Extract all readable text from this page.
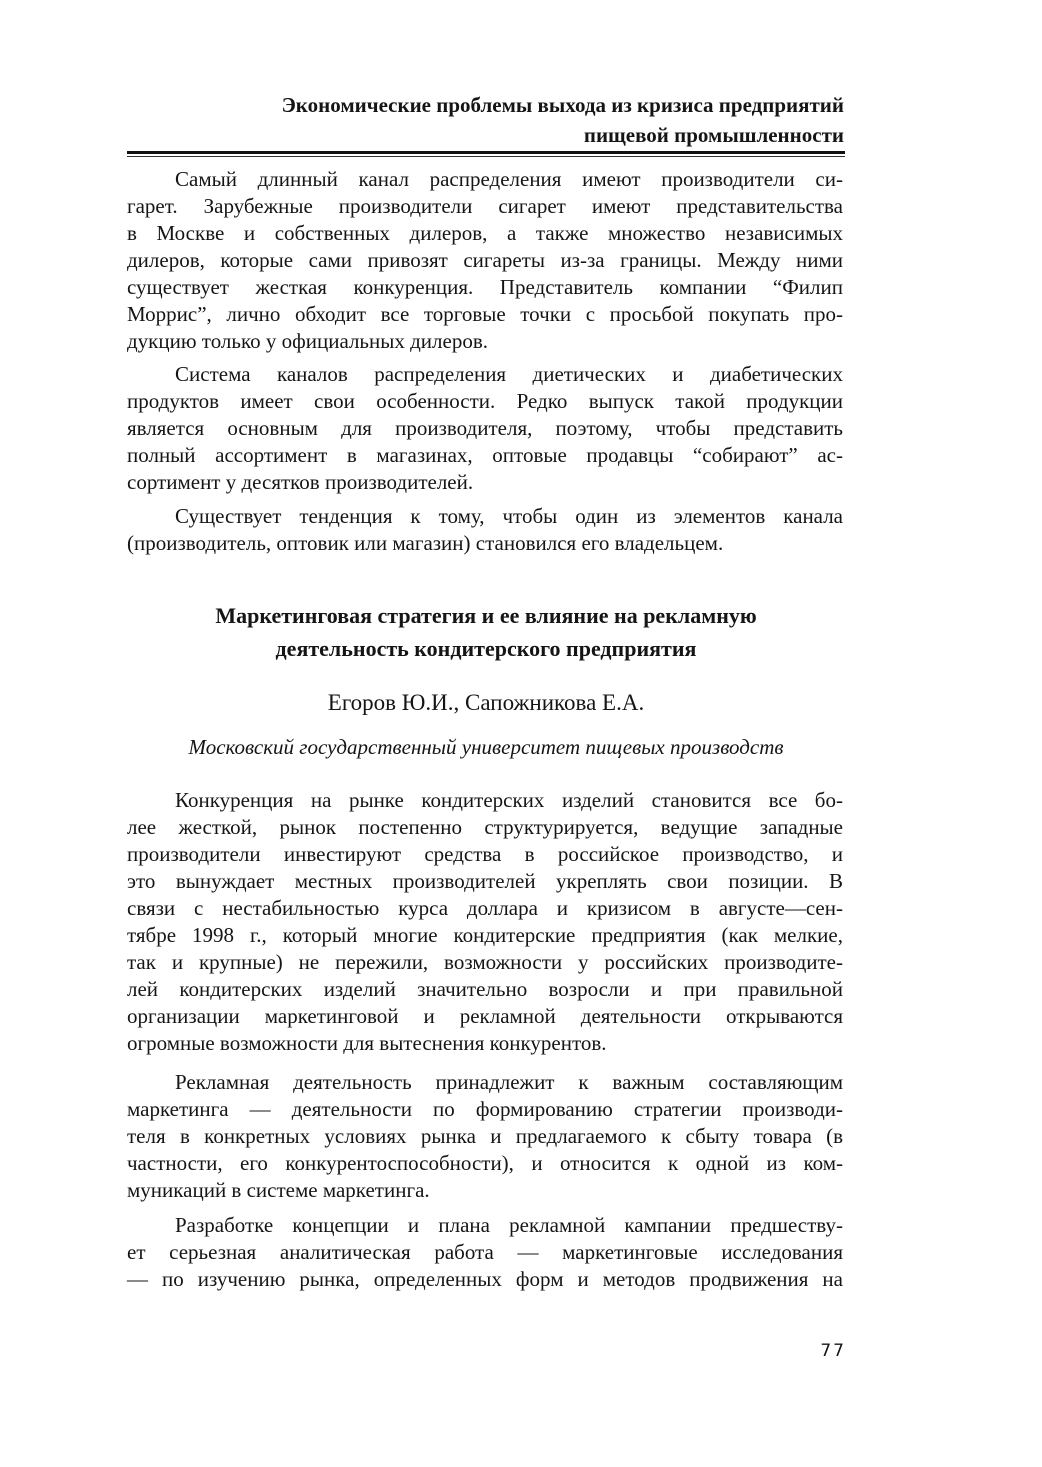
Экономические проблемы выхода из кризиса предприятий
пищевой промышленности
Самый длинный канал распределения имеют производители си-
гарет. Зарубежные производители сигарет имеют представительства
в Москве и собственных дилеров, а также множество независимых
дилеров, которые сами привозят сигареты из-за границы. Между ними
существует жесткая конкуренция. Представитель компании “Филип
Моррис”, лично обходит все торговые точки с просьбой покупать про-
дукцию только у официальных дилеров.
Система каналов распределения диетических и диабетических
продуктов имеет свои особенности. Редко выпуск такой продукции
является основным для производителя, поэтому, чтобы представить
полный ассортимент в магазинах, оптовые продавцы “собирают” ас-
сортимент у десятков производителей.
Существует тенденция к тому, чтобы один из элементов канала
(производитель, оптовик или магазин) становился его владельцем.
Маркетинговая стратегия и ее влияние на рекламную
деятельность кондитерского предприятия
Егоров Ю.И., Сапожникова Е.А.
Московский государственный университет пищевых производств
Конкуренция на рынке кондитерских изделий становится все бо-
лее жесткой, рынок постепенно структурируется, ведущие западные
производители инвестируют средства в российское производство, и
это вынуждает местных производителей укреплять свои позиции. В
связи с нестабильностью курса доллара и кризисом в августе—сен-
тябре 1998 г., который многие кондитерские предприятия (как мелкие,
так и крупные) не пережили, возможности у российских производите-
лей кондитерских изделий значительно возросли и при правильной
организации маркетинговой и рекламной деятельности открываются
огромные возможности для вытеснения конкурентов.
Рекламная деятельность принадлежит к важным составляющим
маркетинга — деятельности по формированию стратегии производи-
теля в конкретных условиях рынка и предлагаемого к сбыту товара (в
частности, его конкурентоспособности), и относится к одной из ком-
муникаций в системе маркетинга.
Разработке концепции и плана рекламной кампании предшеству-
ет серьезная аналитическая работа — маркетинговые исследования
— по изучению рынка, определенных форм и методов продвижения на
77
